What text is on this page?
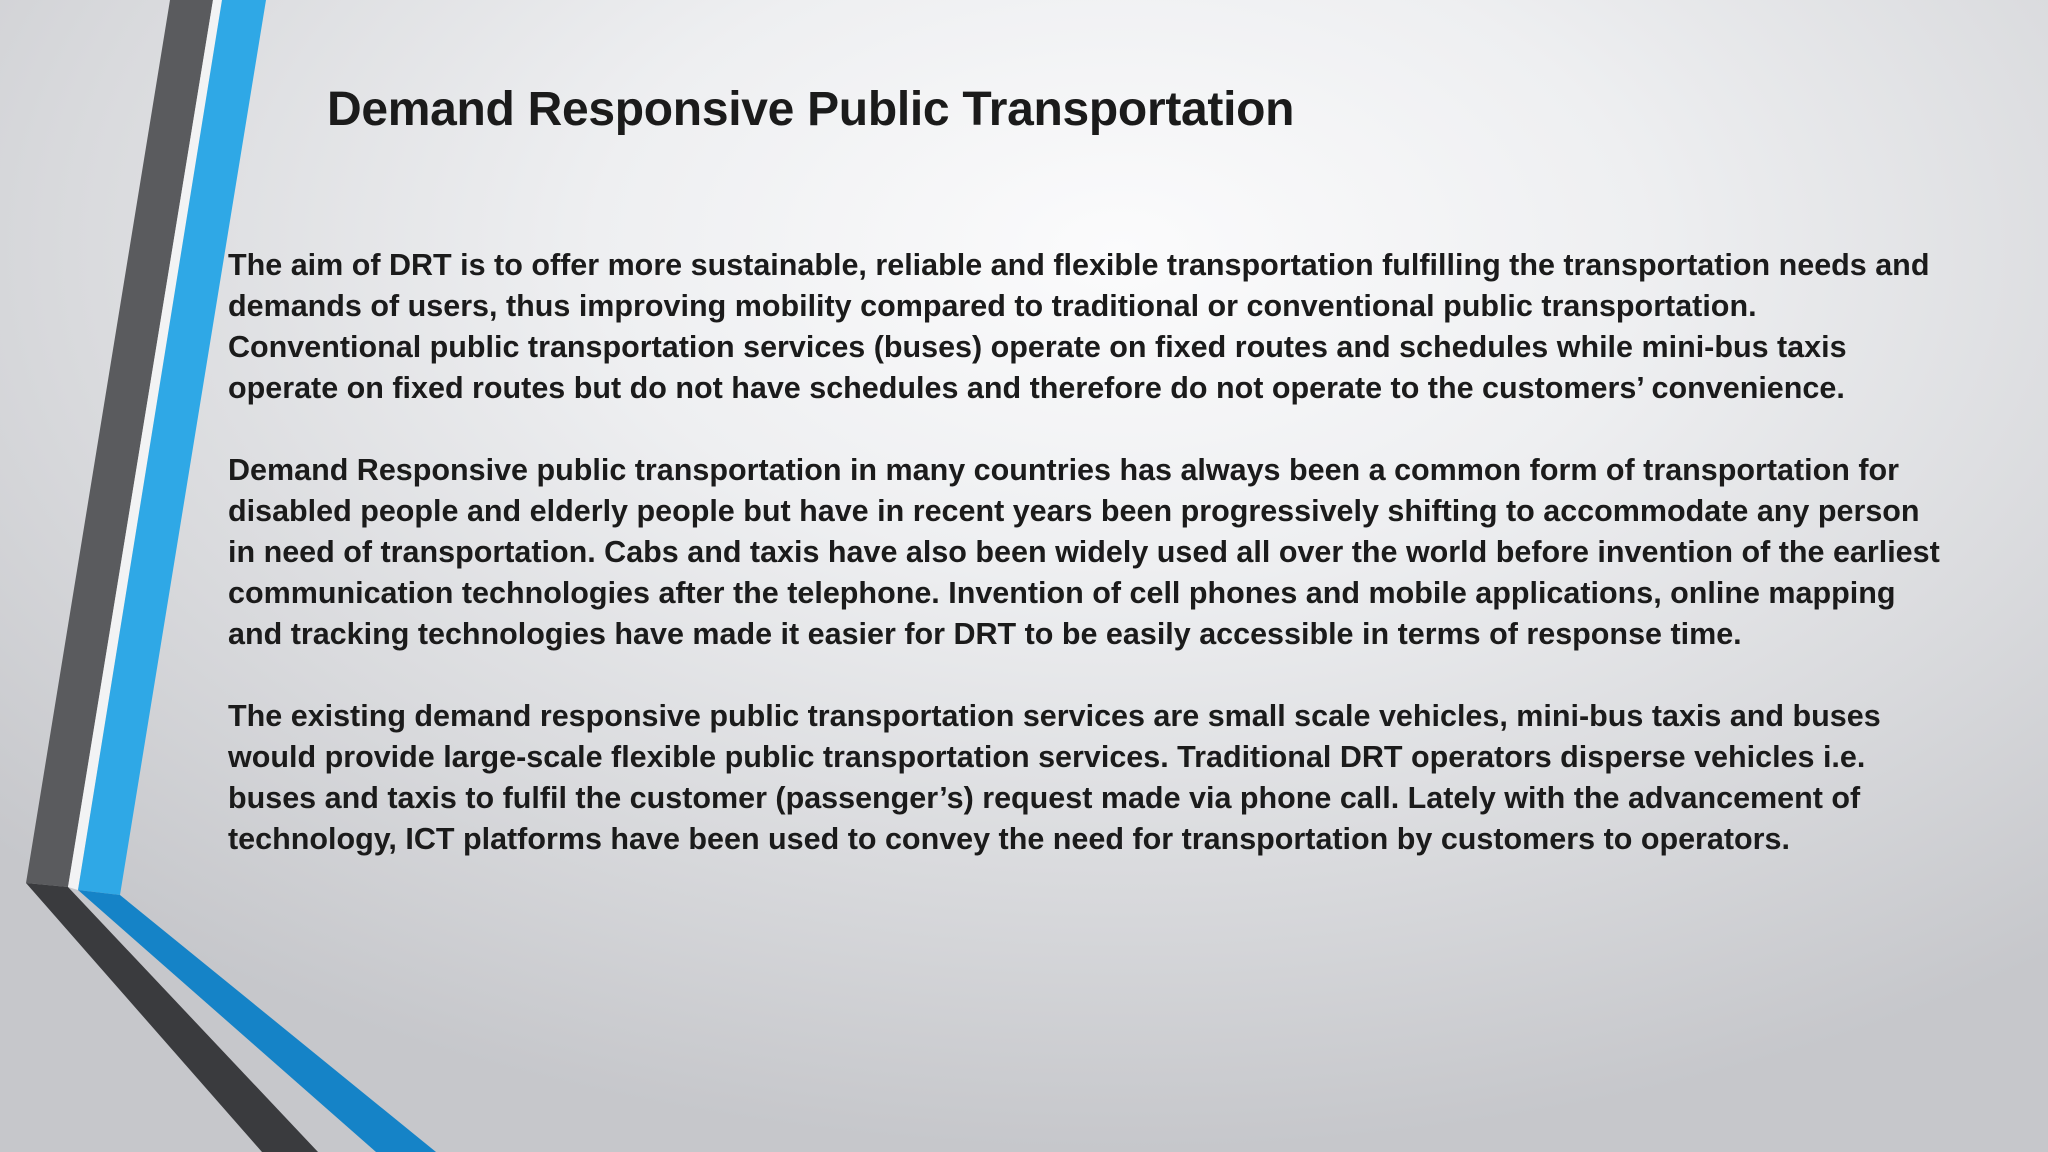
Demand Responsive Public Transportation

The aim of DRT is to offer more sustainable, reliable and flexible transportation fulfilling the transportation needs and demands of users, thus improving mobility compared to traditional or conventional public transportation. Conventional public transportation services (buses) operate on fixed routes and schedules while mini-bus taxis operate on fixed routes but do not have schedules and therefore do not operate to the customers’ convenience.

Demand Responsive public transportation in many countries has always been a common form of transportation for disabled people and elderly people but have in recent years been progressively shifting to accommodate any person in need of transportation. Cabs and taxis have also been widely used all over the world before invention of the earliest communication technologies after the telephone. Invention of cell phones and mobile applications, online mapping and tracking technologies have made it easier for DRT to be easily accessible in terms of response time.

The existing demand responsive public transportation services are small scale vehicles, mini-bus taxis and buses would provide large-scale flexible public transportation services. Traditional DRT operators disperse vehicles i.e. buses and taxis to fulfil the customer (passenger’s) request made via phone call. Lately with the advancement of technology, ICT platforms have been used to convey the need for transportation by customers to operators.
